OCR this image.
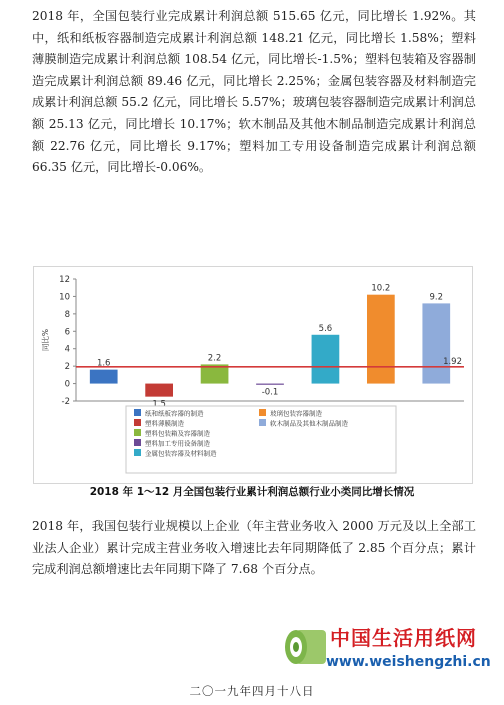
2018 年，全国包装行业完成累计利润总额 515.65 亿元，同比增长 1.92%。其中，纸和纸板容器制造完成累计利润总额 148.21 亿元，同比增长 1.58%；塑料薄膜制造完成累计利润总额 108.54 亿元，同比增长-1.5%；塑料包装箱及容器制造完成累计利润总额 89.46 亿元，同比增长 2.25%；金属包装容器及材料制造完成累计利润总额 55.2 亿元，同比增长 5.57%；玻璃包装容器制造完成累计利润总额 25.13 亿元，同比增长 10.17%；软木制品及其他木制品制造完成累计利润总额 22.76 亿元，同比增长 9.17%；塑料加工专用设备制造完成累计利润总额 66.35 亿元，同比增长-0.06%。
-2
0
2
4
6
8
10
12
同比%
1.6
1.5
2.2
-0.1
5.6
10.2
9.2
1.92
纸和纸板容器的制造
塑料薄膜制造
塑料包装箱及容器制造
塑料加工专用设备制造
金属包装容器及材料制造
玻璃包装容器制造
软木制品及其他木制品制造
2018 年 1～12 月全国包装行业累计利润总额行业小类同比增长情况
2018 年，我国包装行业规模以上企业（年主营业务收入 2000 万元及以上全部工业法人企业）累计完成主营业务收入增速比去年同期降低了 2.85 个百分点；累计完成利润总额增速比去年同期下降了 7.68 个百分点。
中国生活用纸网
www.weishengzhi.cn
二〇一九年四月十八日
